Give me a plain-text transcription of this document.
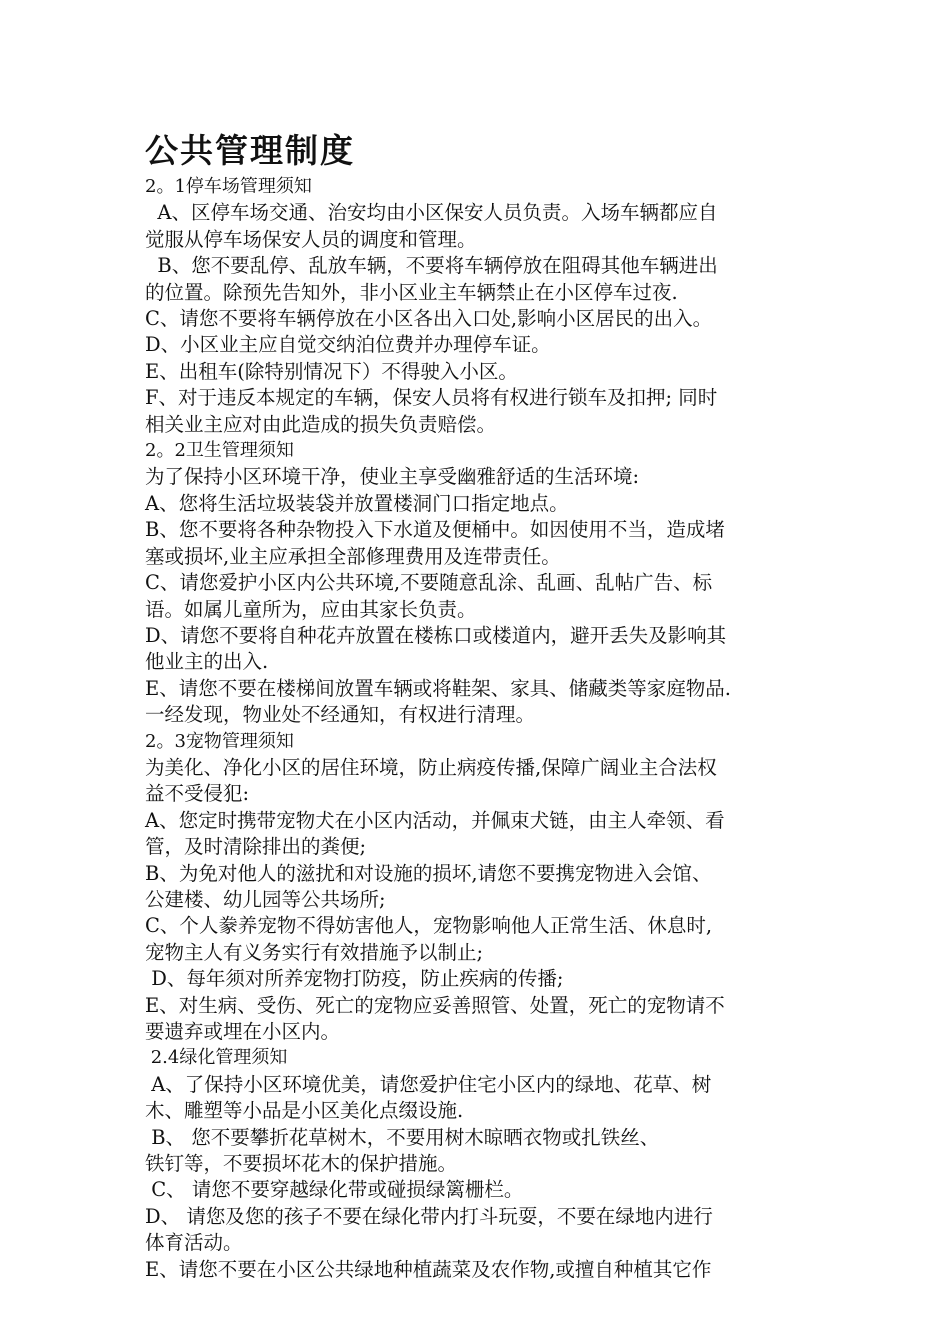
公共管理制度

2。1停车场管理须知

A、区停车场交通、治安均由小区保安人员负责。入场车辆都应自

觉服从停车场保安人员的调度和管理。

B、您不要乱停、乱放车辆，不要将车辆停放在阻碍其他车辆进出

的位置。除预先告知外，非小区业主车辆禁止在小区停车过夜.

C、请您不要将车辆停放在小区各出入口处,影响小区居民的出入。

D、小区业主应自觉交纳泊位费并办理停车证。

E、出租车(除特别情况下）不得驶入小区。

F、对于违反本规定的车辆，保安人员将有权进行锁车及扣押; 同时

相关业主应对由此造成的损失负责赔偿。

2。2卫生管理须知

为了保持小区环境干净，使业主享受幽雅舒适的生活环境:

A、您将生活垃圾装袋并放置楼洞门口指定地点。

B、您不要将各种杂物投入下水道及便桶中。如因使用不当，造成堵

塞或损坏,业主应承担全部修理费用及连带责任。

C、请您爱护小区内公共环境,不要随意乱涂、乱画、乱帖广告、标

语。如属儿童所为，应由其家长负责。

D、请您不要将自种花卉放置在楼栋口或楼道内，避开丢失及影响其

他业主的出入.

E、请您不要在楼梯间放置车辆或将鞋架、家具、储藏类等家庭物品.

一经发现，物业处不经通知，有权进行清理。

2。3宠物管理须知

为美化、净化小区的居住环境，防止病疫传播,保障广阔业主合法权

益不受侵犯:

A、您定时携带宠物犬在小区内活动，并佩束犬链，由主人牵领、看

管，及时清除排出的粪便;

B、为免对他人的滋扰和对设施的损坏,请您不要携宠物进入会馆、

公建楼、幼儿园等公共场所;

C、个人豢养宠物不得妨害他人，宠物影响他人正常生活、休息时,

宠物主人有义务实行有效措施予以制止;

D、每年须对所养宠物打防疫，防止疾病的传播;

E、对生病、受伤、死亡的宠物应妥善照管、处置，死亡的宠物请不

要遗弃或埋在小区内。

2.4绿化管理须知

A、了保持小区环境优美，请您爱护住宅小区内的绿地、花草、树

木、雕塑等小品是小区美化点缀设施.

B、 您不要攀折花草树木，不要用树木晾晒衣物或扎铁丝、

铁钉等，不要损坏花木的保护措施。

C、 请您不要穿越绿化带或碰损绿篱栅栏。

D、 请您及您的孩子不要在绿化带内打斗玩耍，不要在绿地内进行

体育活动。

E、请您不要在小区公共绿地种植蔬菜及农作物,或擅自种植其它作
